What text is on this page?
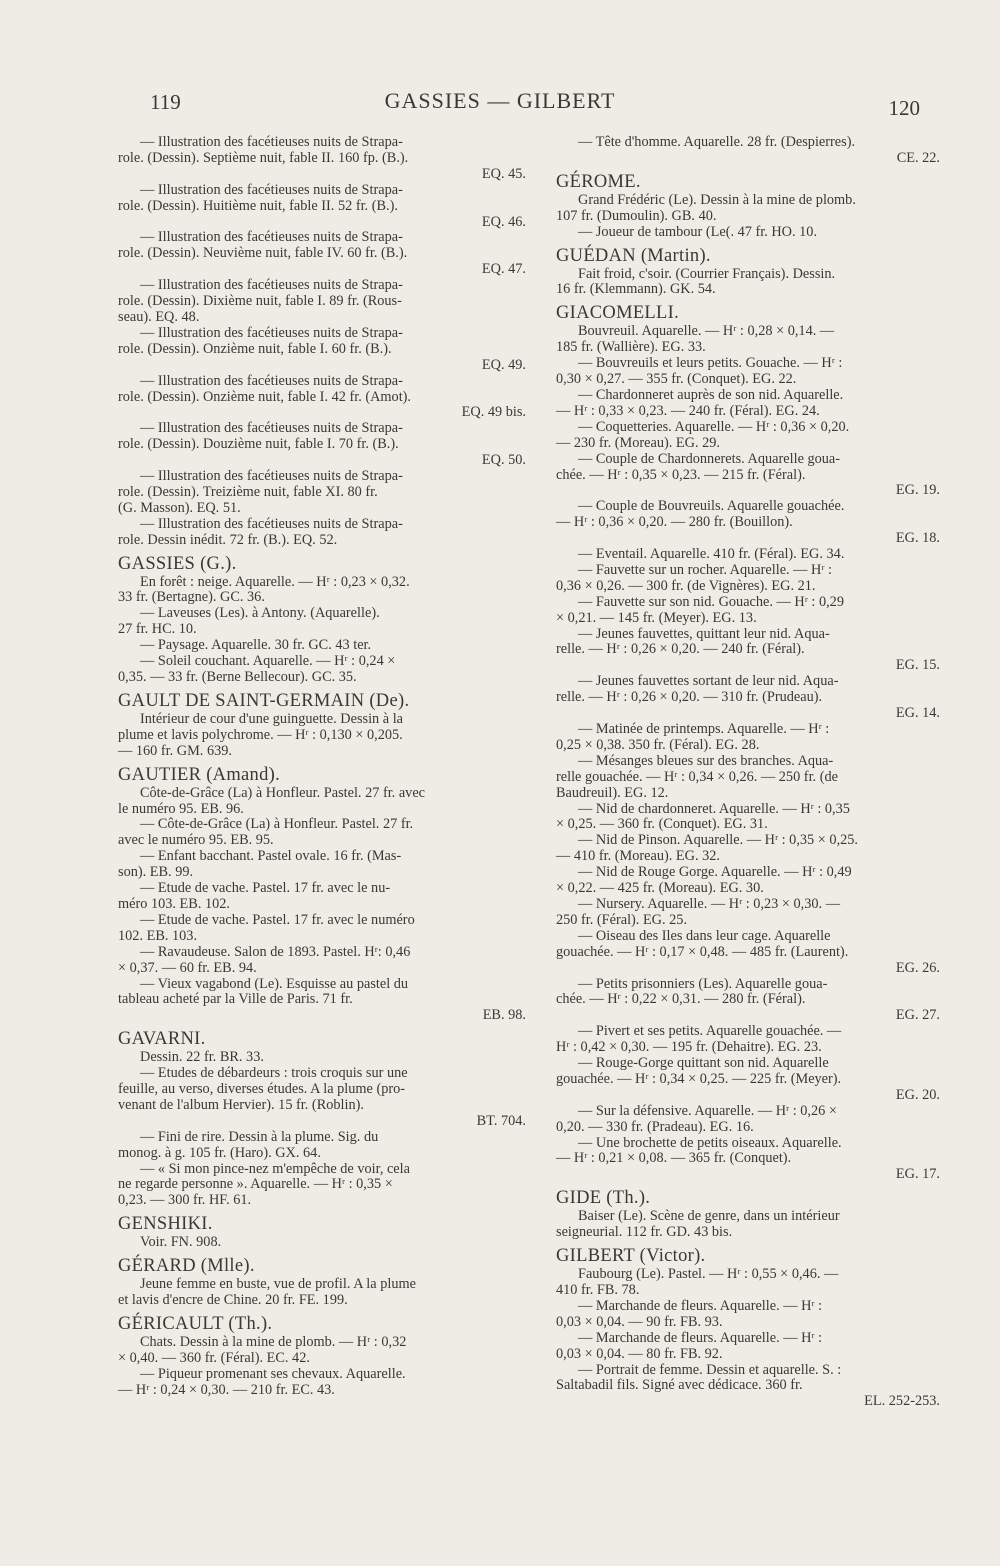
119	GASSIES — GILBERT	120
— Illustration des facétieuses nuits de Strapa-
role. (Dessin). Septième nuit, fable II. 160 fp. (B.).
EQ. 45.
— Illustration des facétieuses nuits de Strapa-
role. (Dessin). Huitième nuit, fable II. 52 fr. (B.).
EQ. 46.
— Illustration des facétieuses nuits de Strapa-
role. (Dessin). Neuvième nuit, fable IV. 60 fr. (B.).
EQ. 47.
— Illustration des facétieuses nuits de Strapa-
role. (Dessin). Dixième nuit, fable I. 89 fr. (Rous-
seau). EQ. 48.
— Illustration des facétieuses nuits de Strapa-
role. (Dessin). Onzième nuit, fable I. 60 fr. (B.).
EQ. 49.
— Illustration des facétieuses nuits de Strapa-
role. (Dessin). Onzième nuit, fable I. 42 fr. (Amot).
EQ. 49 bis.
— Illustration des facétieuses nuits de Strapa-
role. (Dessin). Douzième nuit, fable I. 70 fr. (B.).
EQ. 50.
— Illustration des facétieuses nuits de Strapa-
role. (Dessin). Treizième nuit, fable XI. 80 fr.
(G. Masson). EQ. 51.
— Illustration des facétieuses nuits de Strapa-
role. Dessin inédit. 72 fr. (B.). EQ. 52.
GASSIES (G.).
En forêt : neige. Aquarelle. — Hʳ : 0,23 × 0,32.
33 fr. (Bertagne). GC. 36.
— Laveuses (Les). à Antony. (Aquarelle).
27 fr. HC. 10.
— Paysage. Aquarelle. 30 fr. GC. 43 ter.
— Soleil couchant. Aquarelle. — Hʳ : 0,24 ×
0,35. — 33 fr. (Berne Bellecour). GC. 35.
GAULT DE SAINT-GERMAIN (De).
Intérieur de cour d'une guinguette. Dessin à la
plume et lavis polychrome. — Hʳ : 0,130 × 0,205.
— 160 fr. GM. 639.
GAUTIER (Amand).
Côte-de-Grâce (La) à Honfleur. Pastel. 27 fr. avec
le numéro 95. EB. 96.
— Côte-de-Grâce (La) à Honfleur. Pastel. 27 fr.
avec le numéro 95. EB. 95.
— Enfant bacchant. Pastel ovale. 16 fr. (Mas-
son). EB. 99.
— Etude de vache. Pastel. 17 fr. avec le nu-
méro 103. EB. 102.
— Etude de vache. Pastel. 17 fr. avec le numéro
102. EB. 103.
— Ravaudeuse. Salon de 1893. Pastel. Hʳ: 0,46
× 0,37. — 60 fr. EB. 94.
— Vieux vagabond (Le). Esquisse au pastel du
tableau acheté par la Ville de Paris. 71 fr.
EB. 98.
GAVARNI.
Dessin. 22 fr. BR. 33.
— Etudes de débardeurs : trois croquis sur une
feuille, au verso, diverses études. A la plume (pro-
venant de l'album Hervier). 15 fr. (Roblin).
BT. 704.
— Fini de rire. Dessin à la plume. Sig. du
monog. à g. 105 fr. (Haro). GX. 64.
— « Si mon pince-nez m'empêche de voir, cela
ne regarde personne ». Aquarelle. — Hʳ : 0,35 ×
0,23. — 300 fr. HF. 61.
GENSHIKI.
Voir. FN. 908.
GÉRARD (Mlle).
Jeune femme en buste, vue de profil. A la plume
et lavis d'encre de Chine. 20 fr. FE. 199.
GÉRICAULT (Th.).
Chats. Dessin à la mine de plomb. — Hʳ : 0,32
× 0,40. — 360 fr. (Féral). EC. 42.
— Piqueur promenant ses chevaux. Aquarelle.
— Hʳ : 0,24 × 0,30. — 210 fr. EC. 43.
— Tête d'homme. Aquarelle. 28 fr. (Despierres).
CE. 22.
GÉROME.
Grand Frédéric (Le). Dessin à la mine de plomb.
107 fr. (Dumoulin). GB. 40.
— Joueur de tambour (Le(. 47 fr. HO. 10.
GUÉDAN (Martin).
Fait froid, c'soir. (Courrier Français). Dessin.
16 fr. (Klemmann). GK. 54.
GIACOMELLI.
Bouvreuil. Aquarelle. — Hʳ : 0,28 × 0,14. —
185 fr. (Wallière). EG. 33.
— Bouvreuils et leurs petits. Gouache. — Hʳ :
0,30 × 0,27. — 355 fr. (Conquet). EG. 22.
— Chardonneret auprès de son nid. Aquarelle.
— Hʳ : 0,33 × 0,23. — 240 fr. (Féral). EG. 24.
— Coquetteries. Aquarelle. — Hʳ : 0,36 × 0,20.
— 230 fr. (Moreau). EG. 29.
— Couple de Chardonnerets. Aquarelle goua-
chée. — Hʳ : 0,35 × 0,23. — 215 fr. (Féral).
EG. 19.
— Couple de Bouvreuils. Aquarelle gouachée.
— Hʳ : 0,36 × 0,20. — 280 fr. (Bouillon).
EG. 18.
— Eventail. Aquarelle. 410 fr. (Féral). EG. 34.
— Fauvette sur un rocher. Aquarelle. — Hʳ :
0,36 × 0,26. — 300 fr. (de Vignères). EG. 21.
— Fauvette sur son nid. Gouache. — Hʳ : 0,29
× 0,21. — 145 fr. (Meyer). EG. 13.
— Jeunes fauvettes, quittant leur nid. Aqua-
relle. — Hʳ : 0,26 × 0,20. — 240 fr. (Féral).
EG. 15.
— Jeunes fauvettes sortant de leur nid. Aqua-
relle. — Hʳ : 0,26 × 0,20. — 310 fr. (Prudeau).
EG. 14.
— Matinée de printemps. Aquarelle. — Hʳ :
0,25 × 0,38. 350 fr. (Féral). EG. 28.
— Mésanges bleues sur des branches. Aqua-
relle gouachée. — Hʳ : 0,34 × 0,26. — 250 fr. (de
Baudreuil). EG. 12.
— Nid de chardonneret. Aquarelle. — Hʳ : 0,35
× 0,25. — 360 fr. (Conquet). EG. 31.
— Nid de Pinson. Aquarelle. — Hʳ : 0,35 × 0,25.
— 410 fr. (Moreau). EG. 32.
— Nid de Rouge Gorge. Aquarelle. — Hʳ : 0,49
× 0,22. — 425 fr. (Moreau). EG. 30.
— Nursery. Aquarelle. — Hʳ : 0,23 × 0,30. —
250 fr. (Féral). EG. 25.
— Oiseau des Iles dans leur cage. Aquarelle
gouachée. — Hʳ : 0,17 × 0,48. — 485 fr. (Laurent).
EG. 26.
— Petits prisonniers (Les). Aquarelle goua-
chée. — Hʳ : 0,22 × 0,31. — 280 fr. (Féral).
EG. 27.
— Pivert et ses petits. Aquarelle gouachée. —
Hʳ : 0,42 × 0,30. — 195 fr. (Dehaitre). EG. 23.
— Rouge-Gorge quittant son nid. Aquarelle
gouachée. — Hʳ : 0,34 × 0,25. — 225 fr. (Meyer).
EG. 20.
— Sur la défensive. Aquarelle. — Hʳ : 0,26 ×
0,20. — 330 fr. (Pradeau). EG. 16.
— Une brochette de petits oiseaux. Aquarelle.
— Hʳ : 0,21 × 0,08. — 365 fr. (Conquet).
EG. 17.
GIDE (Th.).
Baiser (Le). Scène de genre, dans un intérieur
seigneurial. 112 fr. GD. 43 bis.
GILBERT (Victor).
Faubourg (Le). Pastel. — Hʳ : 0,55 × 0,46. —
410 fr. FB. 78.
— Marchande de fleurs. Aquarelle. — Hʳ :
0,03 × 0,04. — 90 fr. FB. 93.
— Marchande de fleurs. Aquarelle. — Hʳ :
0,03 × 0,04. — 80 fr. FB. 92.
— Portrait de femme. Dessin et aquarelle. S. :
Saltabadil fils. Signé avec dédicace. 360 fr.
EL. 252-253.
